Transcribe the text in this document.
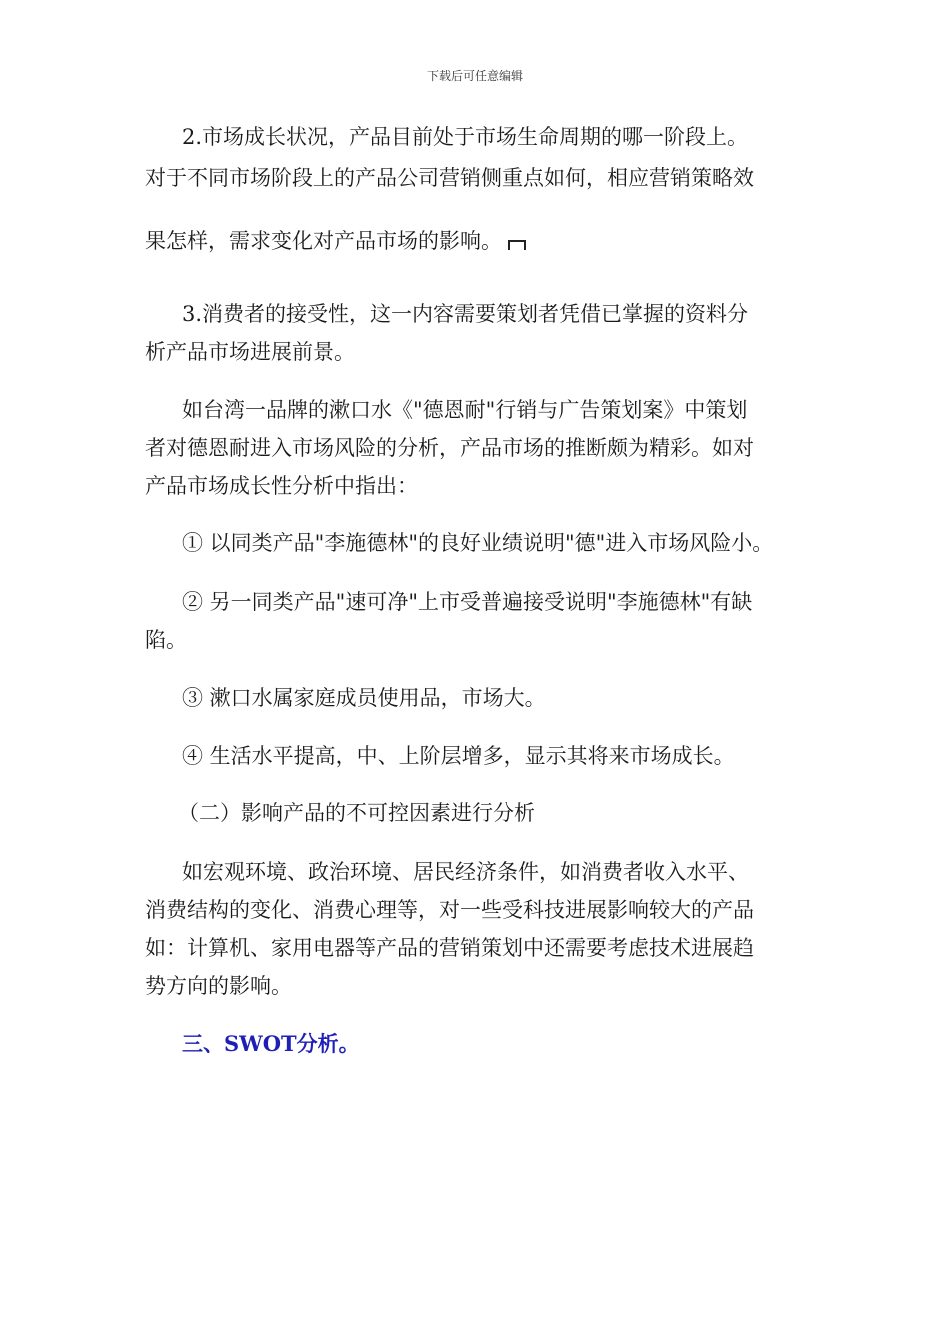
下载后可任意编辑

2.市场成长状况，产品目前处于市场生命周期的哪一阶段上。

对于不同市场阶段上的产品公司营销侧重点如何，相应营销策略效

果怎样，需求变化对产品市场的影响。

3.消费者的接受性，这一内容需要策划者凭借已掌握的资料分

析产品市场进展前景。

如台湾一品牌的漱口水《"德恩耐"行销与广告策划案》中策划

者对德恩耐进入市场风险的分析，产品市场的推断颇为精彩。如对

产品市场成长性分析中指出：

① 以同类产品"李施德林"的良好业绩说明"德"进入市场风险小。

② 另一同类产品"速可净"上市受普遍接受说明"李施德林"有缺

陷。

③ 漱口水属家庭成员使用品，市场大。

④ 生活水平提高，中、上阶层增多，显示其将来市场成长。

（二）影响产品的不可控因素进行分析

如宏观环境、政治环境、居民经济条件，如消费者收入水平、

消费结构的变化、消费心理等，对一些受科技进展影响较大的产品

如：计算机、家用电器等产品的营销策划中还需要考虑技术进展趋

势方向的影响。

三、SWOT分析。
